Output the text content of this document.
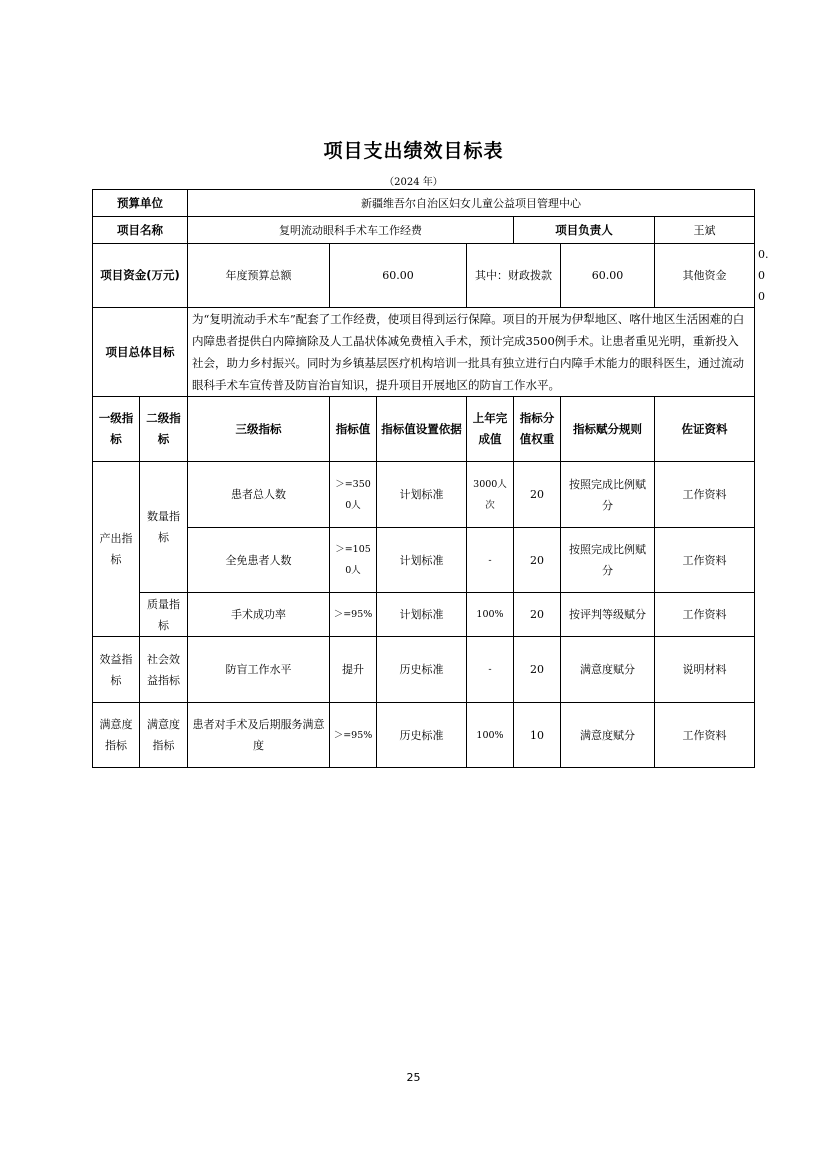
项目支出绩效目标表
（2024 年）
预算单位		新疆维吾尔自治区妇女儿童公益项目管理中心							
项目名称		复明流动眼科手术车工作经费				项目负责人		王斌	
项目资金(万元)		年度预算总额	60.00		其中：财政拨款		60.00	其他资金	0.00
项目总体目标		为“复明流动手术车”配套了工作经费，使项目得到运行保障。项目的开展为伊犁地区、喀什地区生活困难的白内障患者提供白内障摘除及人工晶状体减免费植入手术，预计完成3500例手术。让患者重见光明，重新投入社会，助力乡村振兴。同时为乡镇基层医疗机构培训一批具有独立进行白内障手术能力的眼科医生，通过流动眼科手术车宣传普及防盲治盲知识，提升项目开展地区的防盲工作水平。							
一级指标	二级指标	三级指标	指标值	指标值设置依据	上年完成值	指标分值权重	指标赋分规则	佐证资料	
产出指标	数量指标	患者总人数	＞=3500人	计划标准	3000人次	20	按照完成比例赋分	工作资料	
		全免患者人数	＞=1050人	计划标准	-	20	按照完成比例赋分	工作资料	
	质量指标	手术成功率	＞=95%	计划标准	100%	20	按评判等级赋分	工作资料	
效益指标	社会效益指标	防盲工作水平	提升	历史标准	-	20	满意度赋分	说明材料	
满意度指标	满意度指标	患者对手术及后期服务满意度	＞=95%	历史标准	100%	10	满意度赋分	工作资料	
25
